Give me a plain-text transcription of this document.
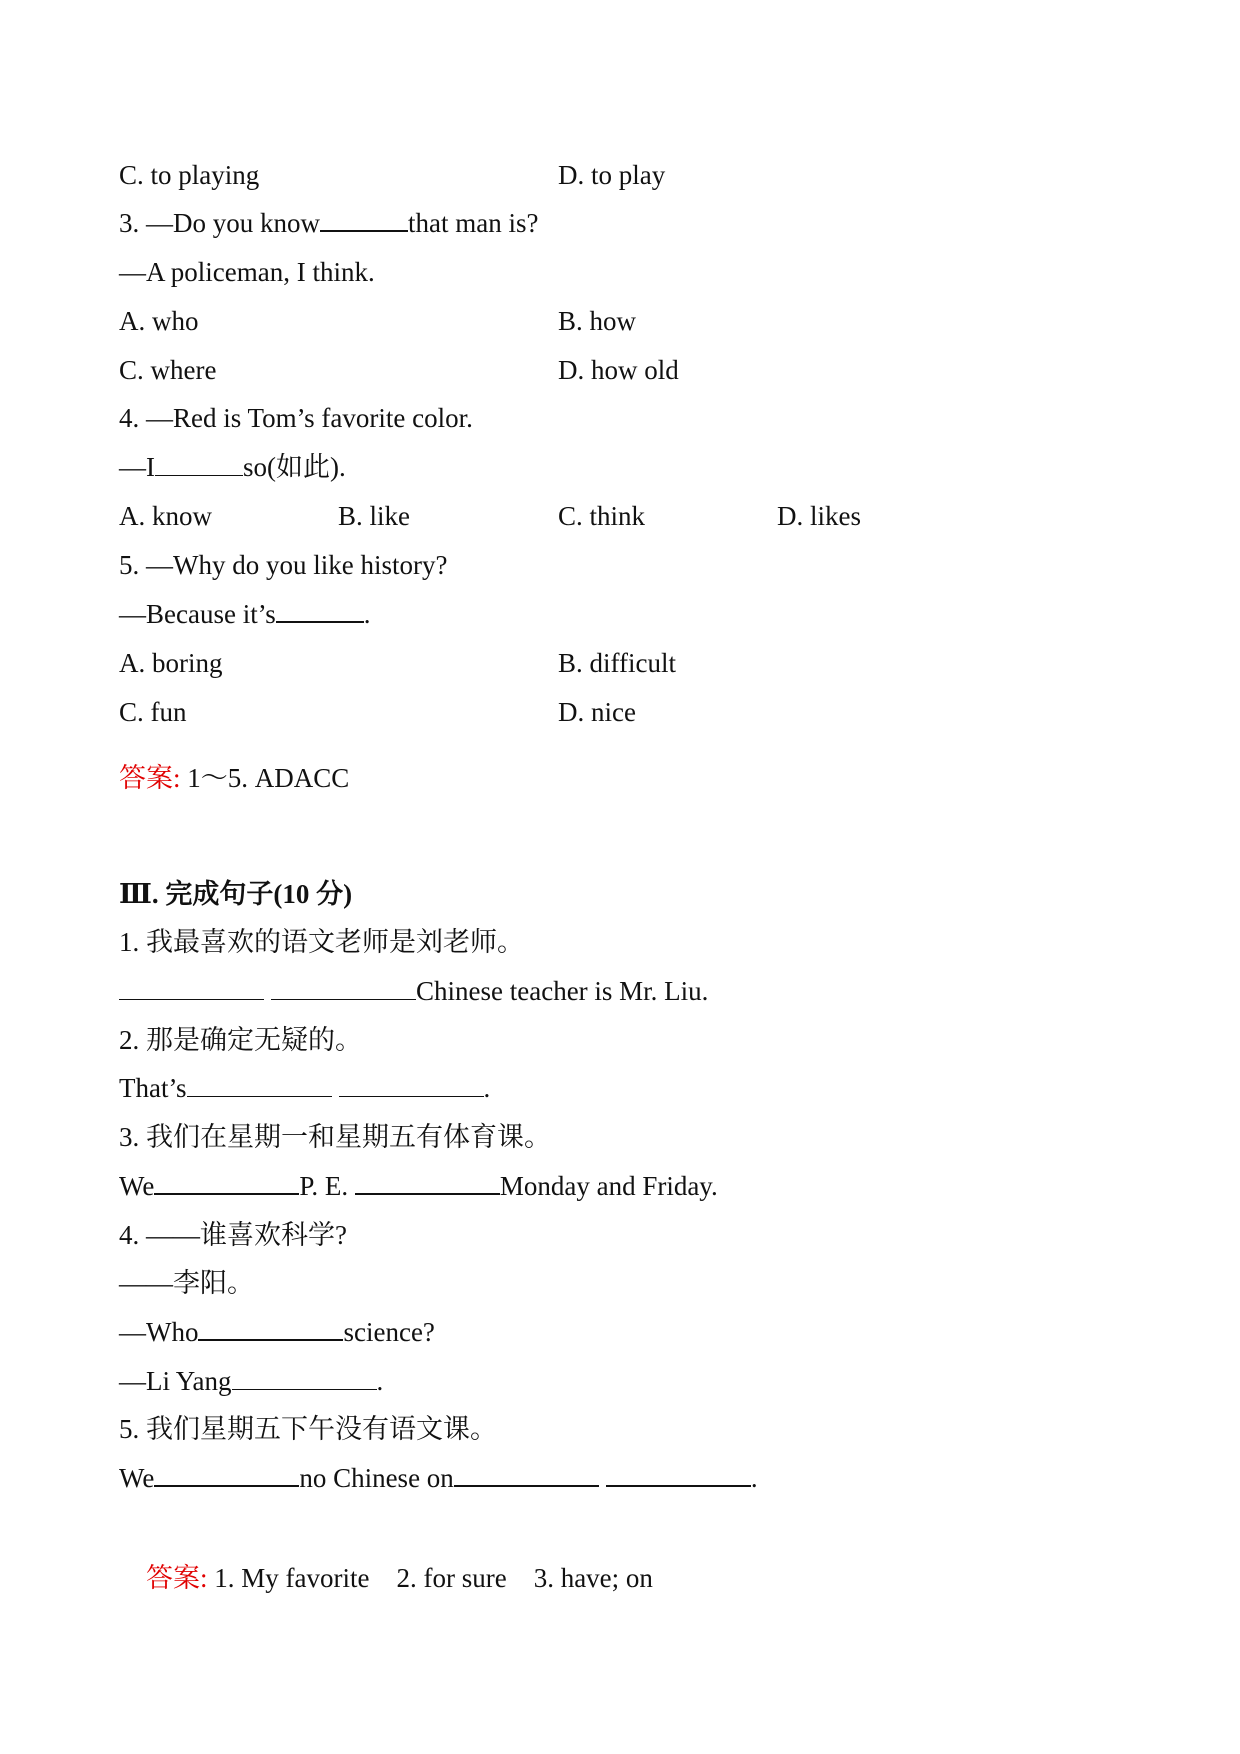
C. to playing	D. to play
3. —Do you know	that man is?
—A policeman, I think.
A. who	B. how
C. where	D. how old
4. —Red is Tom’s favorite color.
—I	so(如此).
A. know	B. like	C. think	D. likes
5. —Why do you like history?
—Because it’s	.
A. boring	B. difficult
C. fun	D. nice
答案: 1～5. ADACC
Ⅲ. 完成句子(10 分)
1. 我最喜欢的语文老师是刘老师。
Chinese teacher is Mr. Liu.
2. 那是确定无疑的。
That’s	.
3. 我们在星期一和星期五有体育课。
We	P. E.	Monday and Friday.
4. ——谁喜欢科学?
——李阳。
—Who	science?
—Li Yang	.
5. 我们星期五下午没有语文课。
We	no Chinese on	.

答案: 1. My favorite    2. for sure    3. have; on
